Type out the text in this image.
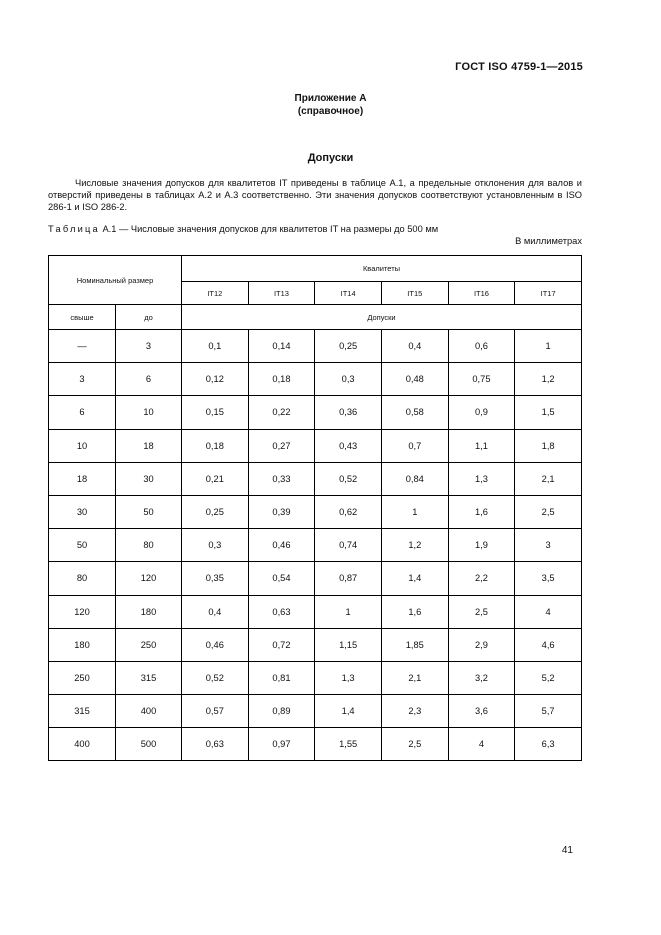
ГОСТ ISO 4759-1—2015
Приложение А
(справочное)
Допуски

Числовые значения допусков для квалитетов IT приведены в таблице А.1, а предельные отклонения для валов и отверстий приведены в таблицах А.2 и А.3 соответственно. Эти значения допусков соответствуют установленным в ISO 286-1 и ISO 286-2.

Таблица А.1 — Числовые значения допусков для квалитетов IT на размеры до 500 мм
В миллиметрах
Номинальный размер		Квалитеты					
		IT12	IT13	IT14	IT15	IT16	IT17
свыше	до	Допуски					
—	3	0,1	0,14	0,25	0,4	0,6	1
3	6	0,12	0,18	0,3	0,48	0,75	1,2
6	10	0,15	0,22	0,36	0,58	0,9	1,5
10	18	0,18	0,27	0,43	0,7	1,1	1,8
18	30	0,21	0,33	0,52	0,84	1,3	2,1
30	50	0,25	0,39	0,62	1	1,6	2,5
50	80	0,3	0,46	0,74	1,2	1,9	3
80	120	0,35	0,54	0,87	1,4	2,2	3,5
120	180	0,4	0,63	1	1,6	2,5	4
180	250	0,46	0,72	1,15	1,85	2,9	4,6
250	315	0,52	0,81	1,3	2,1	3,2	5,2
315	400	0,57	0,89	1,4	2,3	3,6	5,7
400	500	0,63	0,97	1,55	2,5	4	6,3
41
